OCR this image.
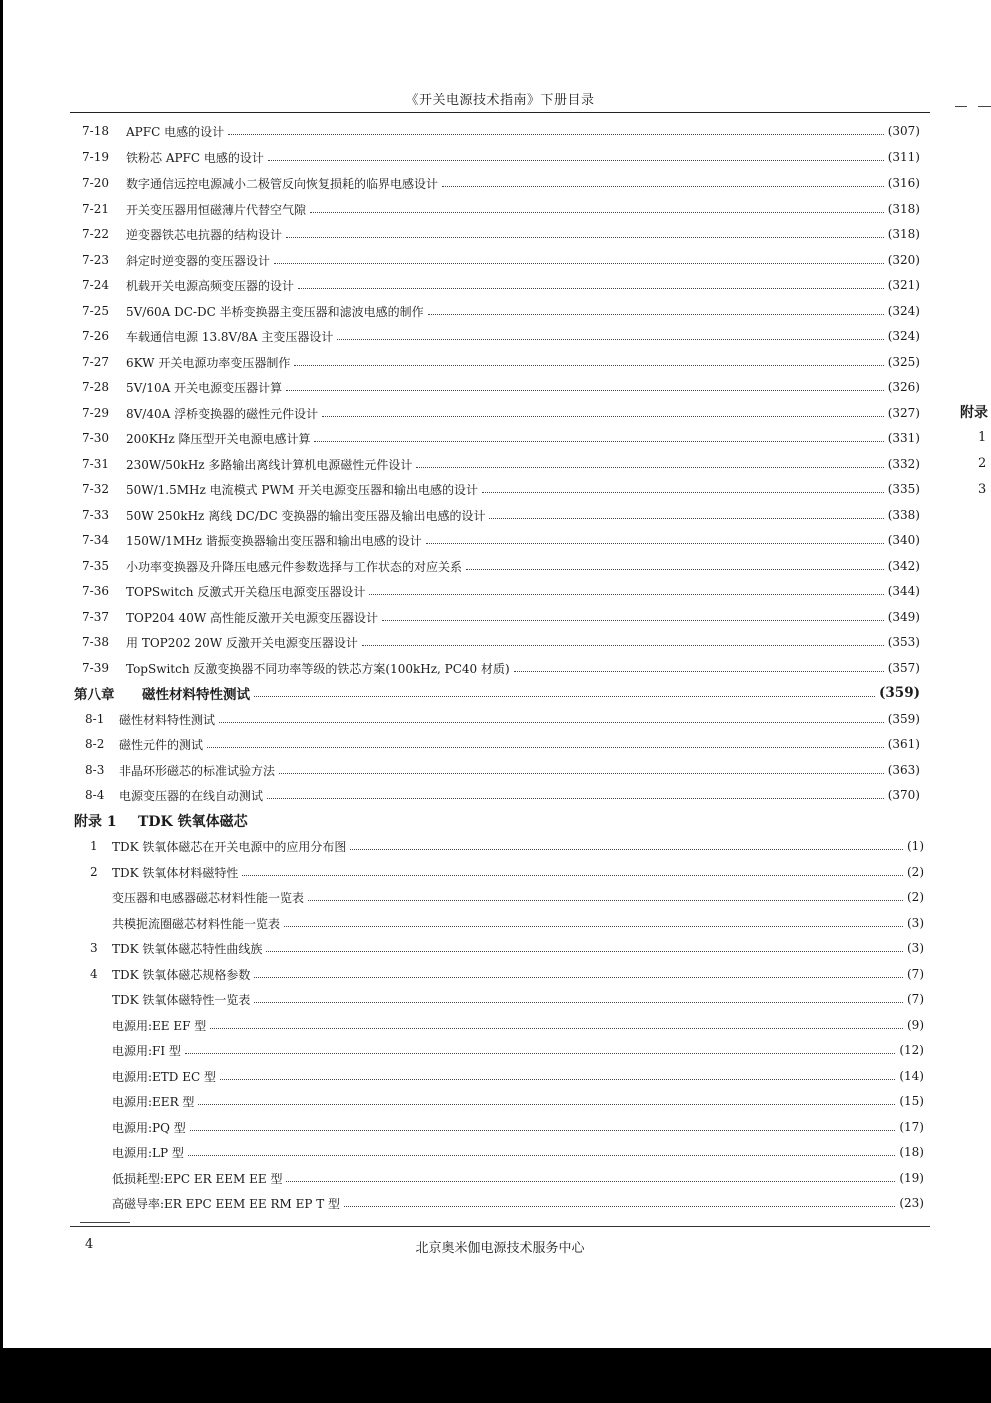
《开关电源技术指南》下册目录
7-18	APFC 电感的设计	(307)
7-19	铁粉芯 APFC 电感的设计	(311)
7-20	数字通信远控电源减小二极管反向恢复损耗的临界电感设计	(316)
7-21	开关变压器用恒磁薄片代替空气隙	(318)
7-22	逆变器铁芯电抗器的结构设计	(318)
7-23	斜定时逆变器的变压器设计	(320)
7-24	机载开关电源高频变压器的设计	(321)
7-25	5V/60A DC-DC 半桥变换器主变压器和滤波电感的制作	(324)
7-26	车载通信电源 13.8V/8A 主变压器设计	(324)
7-27	6KW 开关电源功率变压器制作	(325)
7-28	5V/10A 开关电源变压器计算	(326)
7-29	8V/40A 浮桥变换器的磁性元件设计	(327)
7-30	200KHz 降压型开关电源电感计算	(331)
7-31	230W/50kHz 多路输出离线计算机电源磁性元件设计	(332)
7-32	50W/1.5MHz 电流模式 PWM 开关电源变压器和输出电感的设计	(335)
7-33	50W 250kHz 离线 DC/DC 变换器的输出变压器及输出电感的设计	(338)
7-34	150W/1MHz 谐振变换器输出变压器和输出电感的设计	(340)
7-35	小功率变换器及升降压电感元件参数选择与工作状态的对应关系	(342)
7-36	TOPSwitch 反激式开关稳压电源变压器设计	(344)
7-37	TOP204 40W 高性能反激开关电源变压器设计	(349)
7-38	用 TOP202 20W 反激开关电源变压器设计	(353)
7-39	TopSwitch 反激变换器不同功率等级的铁芯方案(100kHz, PC40 材质)	(357)
第八章	磁性材料特性测试	(359)
8-1	磁性材料特性测试	(359)
8-2	磁性元件的测试	(361)
8-3	非晶环形磁芯的标准试验方法	(363)
8-4	电源变压器的在线自动测试	(370)
附录 1	TDK 铁氧体磁芯
1	TDK 铁氧体磁芯在开关电源中的应用分布图	(1)
2	TDK 铁氧体材料磁特性	(2)
变压器和电感器磁芯材料性能一览表	(2)
共模扼流圈磁芯材料性能一览表	(3)
3	TDK 铁氧体磁芯特性曲线族	(3)
4	TDK 铁氧体磁芯规格参数	(7)
TDK 铁氧体磁特性一览表	(7)
电源用:EE EF 型	(9)
电源用:FI 型	(12)
电源用:ETD EC 型	(14)
电源用:EER 型	(15)
电源用:PQ 型	(17)
电源用:LP 型	(18)
低损耗型:EPC ER EEM EE 型	(19)
高磁导率:ER EPC EEM EE RM EP T 型	(23)
附录
1
2
3
4	北京奥米伽电源技术服务中心
